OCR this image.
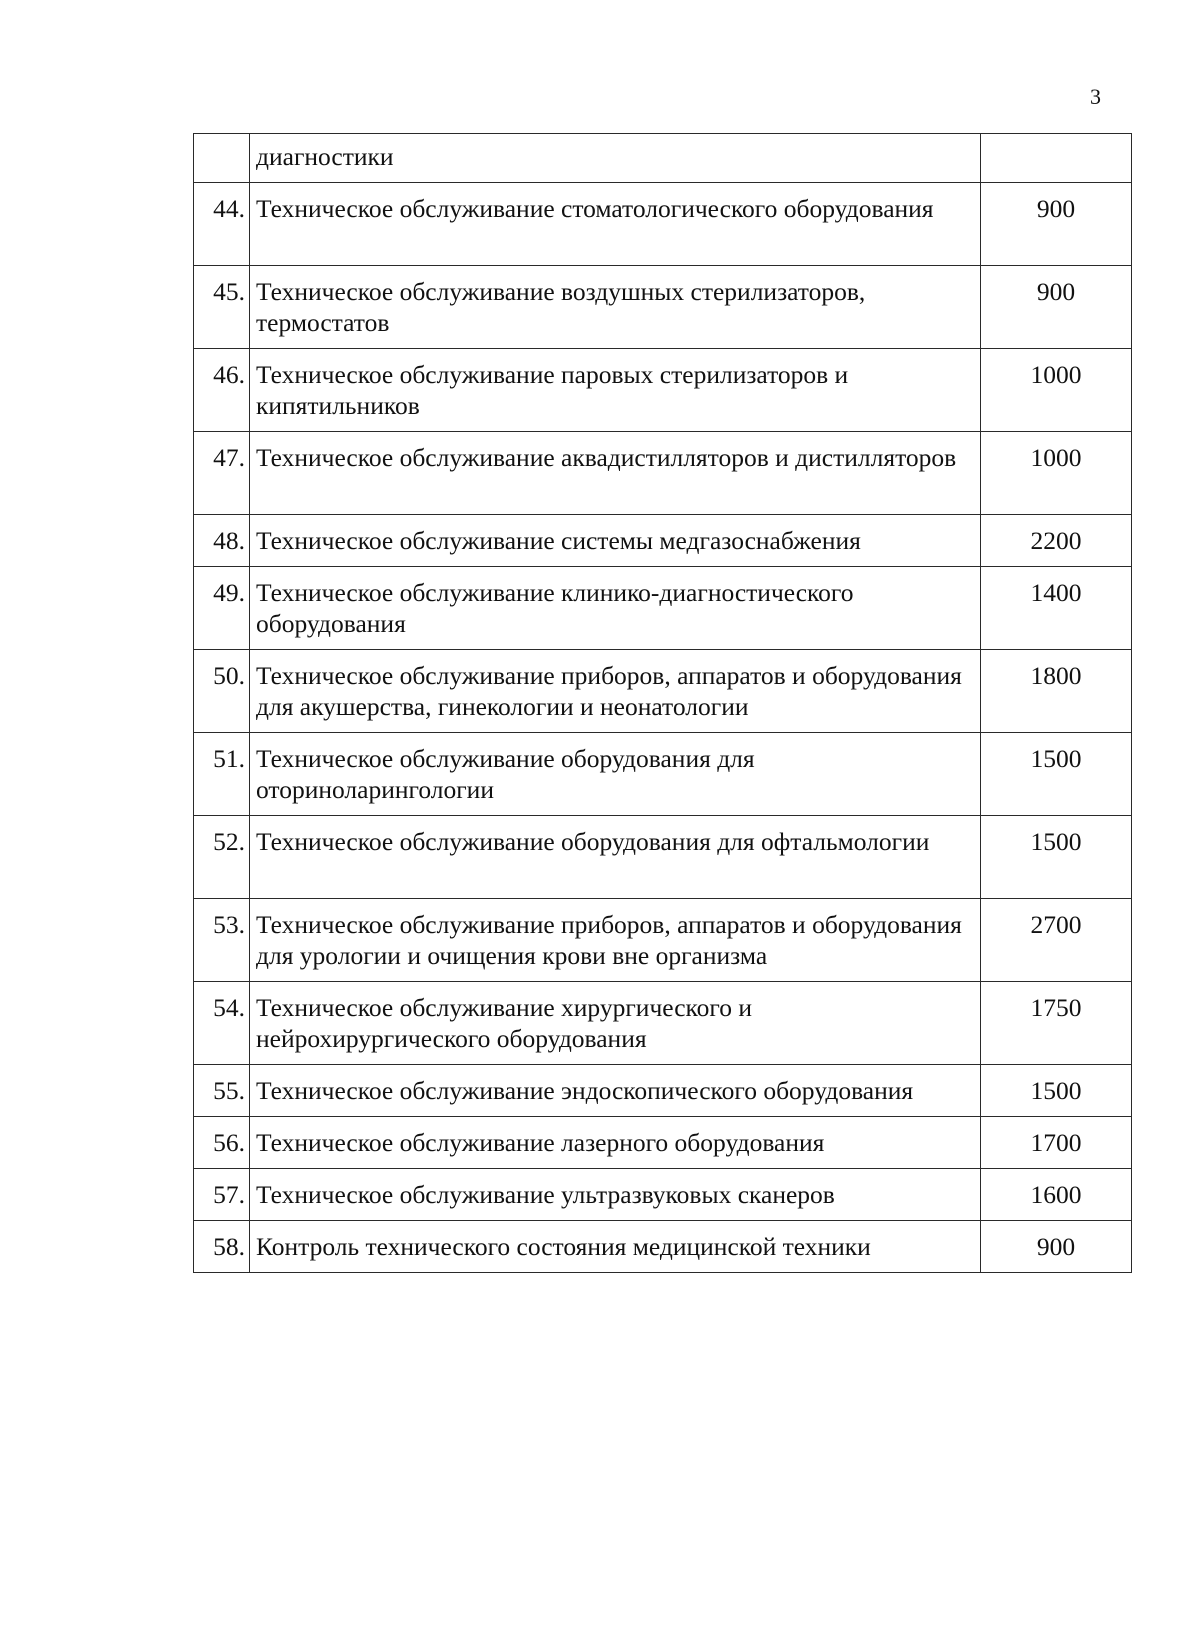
3
	диагностики	
44.	Техническое обслуживание стоматологического оборудования	900
45.	Техническое обслуживание воздушных стерилизаторов, термостатов	900
46.	Техническое обслуживание паровых стерилизаторов и кипятильников	1000
47.	Техническое обслуживание аквадистилляторов и дистилляторов	1000
48.	Техническое обслуживание системы медгазоснабжения	2200
49.	Техническое обслуживание клинико-диагностического оборудования	1400
50.	Техническое обслуживание приборов, аппаратов и оборудования для акушерства, гинекологии и неонатологии	1800
51.	Техническое обслуживание оборудования для оториноларингологии	1500
52.	Техническое обслуживание оборудования для офтальмологии	1500
53.	Техническое обслуживание приборов, аппаратов и оборудования для урологии и очищения крови вне организма	2700
54.	Техническое обслуживание хирургического и нейрохирургического оборудования	1750
55.	Техническое обслуживание эндоскопического оборудования	1500
56.	Техническое обслуживание лазерного оборудования	1700
57.	Техническое обслуживание ультразвуковых сканеров	1600
58.	Контроль технического состояния медицинской техники	900
